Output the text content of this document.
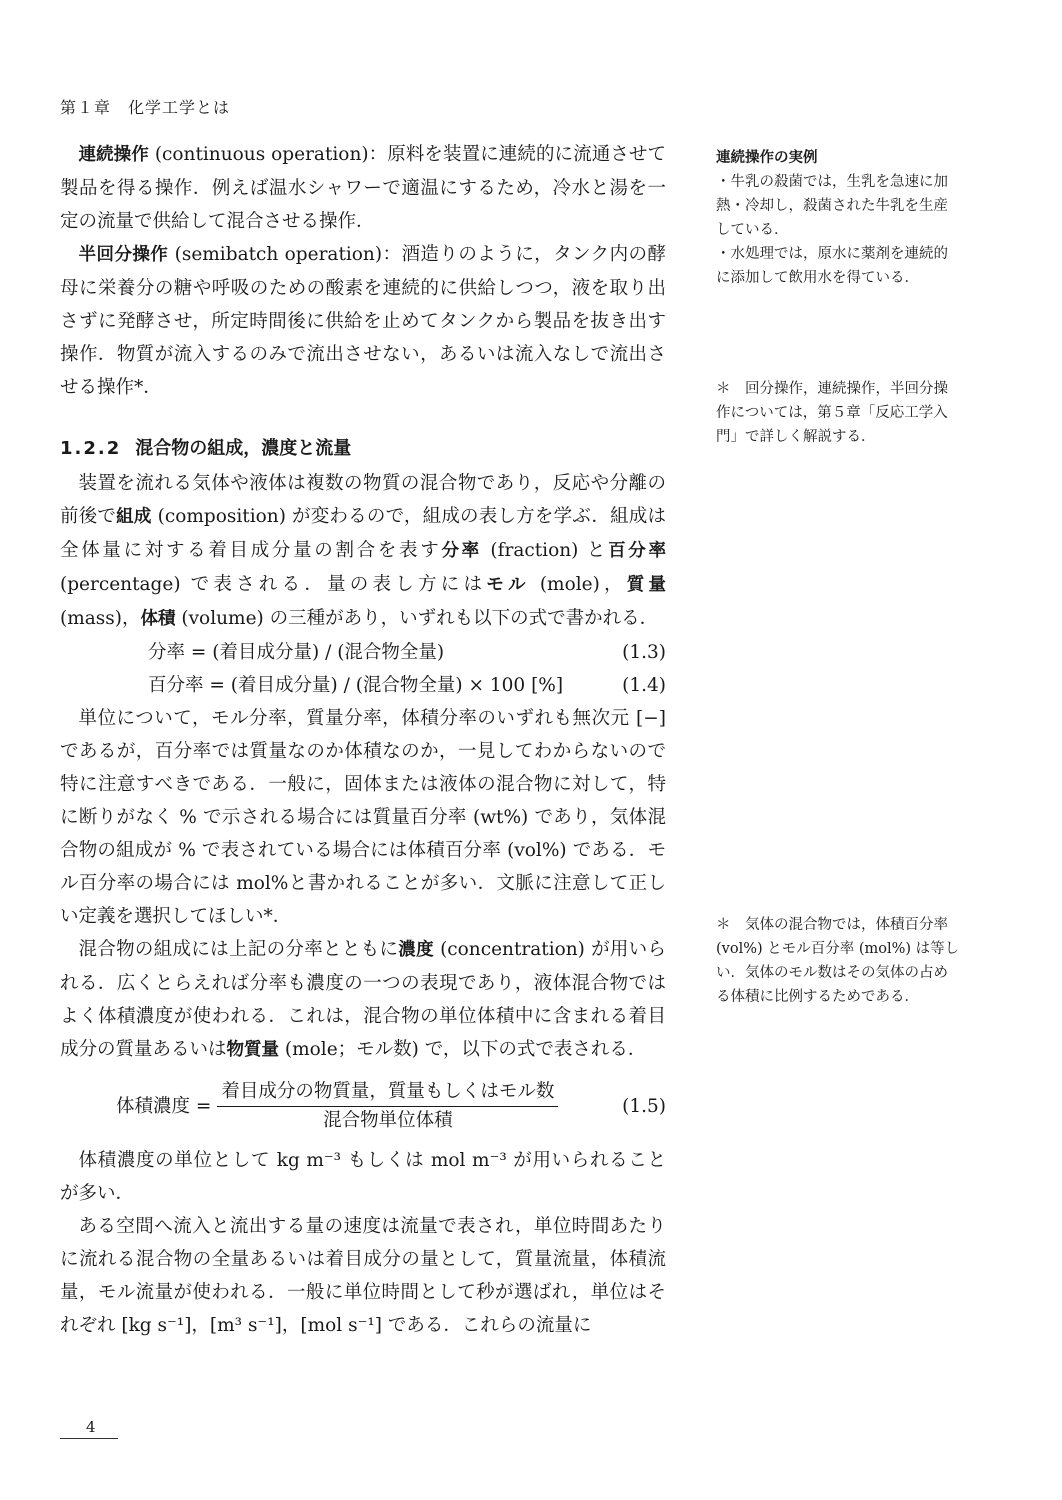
第１章　化学工学とは

連続操作 (continuous operation)：原料を装置に連続的に流通させて製品を得る操作．例えば温水シャワーで適温にするため，冷水と湯を一定の流量で供給して混合させる操作．

半回分操作 (semibatch operation)：酒造りのように，タンク内の酵母に栄養分の糖や呼吸のための酸素を連続的に供給しつつ，液を取り出さずに発酵させ，所定時間後に供給を止めてタンクから製品を抜き出す操作．物質が流入するのみで流出させない，あるいは流入なしで流出させる操作*．

1.2.2 混合物の組成，濃度と流量

装置を流れる気体や液体は複数の物質の混合物であり，反応や分離の前後で組成 (composition) が変わるので，組成の表し方を学ぶ．組成は全体量に対する着目成分量の割合を表す分率 (fraction) と百分率 (percentage) で表される．量の表し方にはモル (mole)，質量 (mass)，体積 (volume) の三種があり，いずれも以下の式で書かれる．

分率 = (着目成分量) / (混合物全量)	(1.3)
百分率 = (着目成分量) / (混合物全量) × 100 [%]	(1.4)

単位について，モル分率，質量分率，体積分率のいずれも無次元 [−] であるが，百分率では質量なのか体積なのか，一見してわからないので特に注意すべきである．一般に，固体または液体の混合物に対して，特に断りがなく % で示される場合には質量百分率 (wt%) であり，気体混合物の組成が % で表されている場合には体積百分率 (vol%) である．モル百分率の場合には mol%と書かれることが多い．文脈に注意して正しい定義を選択してほしい*．

混合物の組成には上記の分率とともに濃度 (concentration) が用いられる．広くとらえれば分率も濃度の一つの表現であり，液体混合物ではよく体積濃度が使われる．これは，混合物の単位体積中に含まれる着目成分の質量あるいは物質量 (mole；モル数) で，以下の式で表される．

体積濃度 = $\frac{\text{着目成分の物質量，質量もしくはモル数}}{\text{混合物単位体積}}$	(1.5)

体積濃度の単位として kg m⁻³ もしくは mol m⁻³ が用いられることが多い．

ある空間へ流入と流出する量の速度は流量で表され，単位時間あたりに流れる混合物の全量あるいは着目成分の量として，質量流量，体積流量，モル流量が使われる．一般に単位時間として秒が選ばれ，単位はそれぞれ [kg s⁻¹]，[m³ s⁻¹]，[mol s⁻¹] である．これらの流量に

連続操作の実例

・牛乳の殺菌では，生乳を急速に加熱・冷却し，殺菌された牛乳を生産している．

・水処理では，原水に薬剤を連続的に添加して飲用水を得ている．

＊　回分操作，連続操作，半回分操作については，第５章「反応工学入門」で詳しく解説する．
＊　気体の混合物では，体積百分率 (vol%) とモル百分率 (mol%) は等しい．気体のモル数はその気体の占める体積に比例するためである．
4
